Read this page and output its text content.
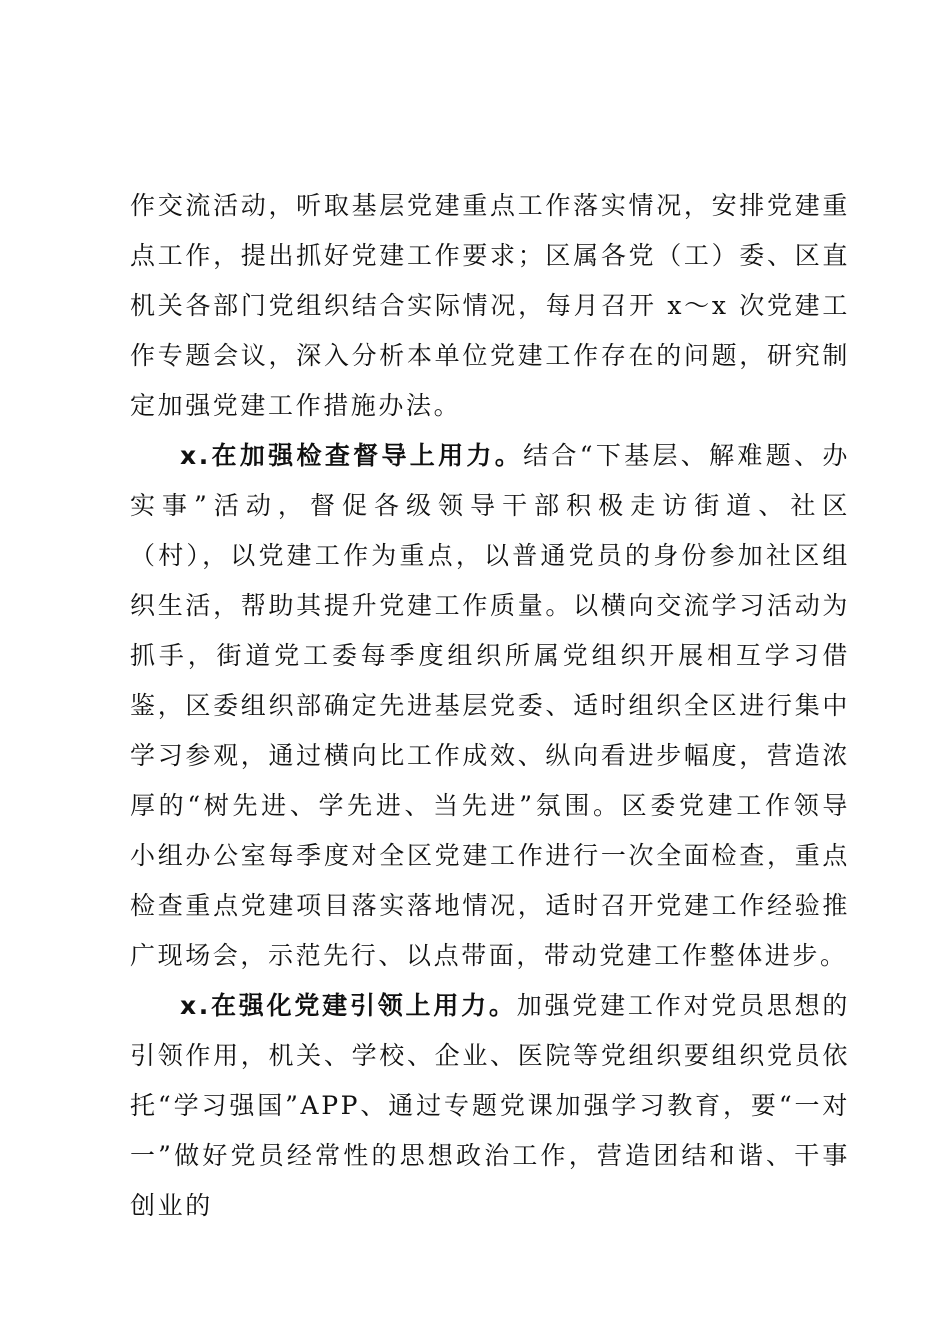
作交流活动，听取基层党建重点工作落实情况，安排党建重点工作，提出抓好党建工作要求；区属各党（工）委、区直机关各部门党组织结合实际情况，每月召开 x～x 次党建工作专题会议，深入分析本单位党建工作存在的问题，研究制定加强党建工作措施办法。

x.在加强检查督导上用力。结合“下基层、解难题、办实事”活动，督促各级领导干部积极走访街道、社区（村），以党建工作为重点，以普通党员的身份参加社区组织生活，帮助其提升党建工作质量。以横向交流学习活动为抓手，街道党工委每季度组织所属党组织开展相互学习借鉴，区委组织部确定先进基层党委、适时组织全区进行集中学习参观，通过横向比工作成效、纵向看进步幅度，营造浓厚的“树先进、学先进、当先进”氛围。区委党建工作领导小组办公室每季度对全区党建工作进行一次全面检查，重点检查重点党建项目落实落地情况，适时召开党建工作经验推广现场会，示范先行、以点带面，带动党建工作整体进步。

x.在强化党建引领上用力。加强党建工作对党员思想的引领作用，机关、学校、企业、医院等党组织要组织党员依托“学习强国”APP、通过专题党课加强学习教育，要“一对一”做好党员经常性的思想政治工作，营造团结和谐、干事创业的
